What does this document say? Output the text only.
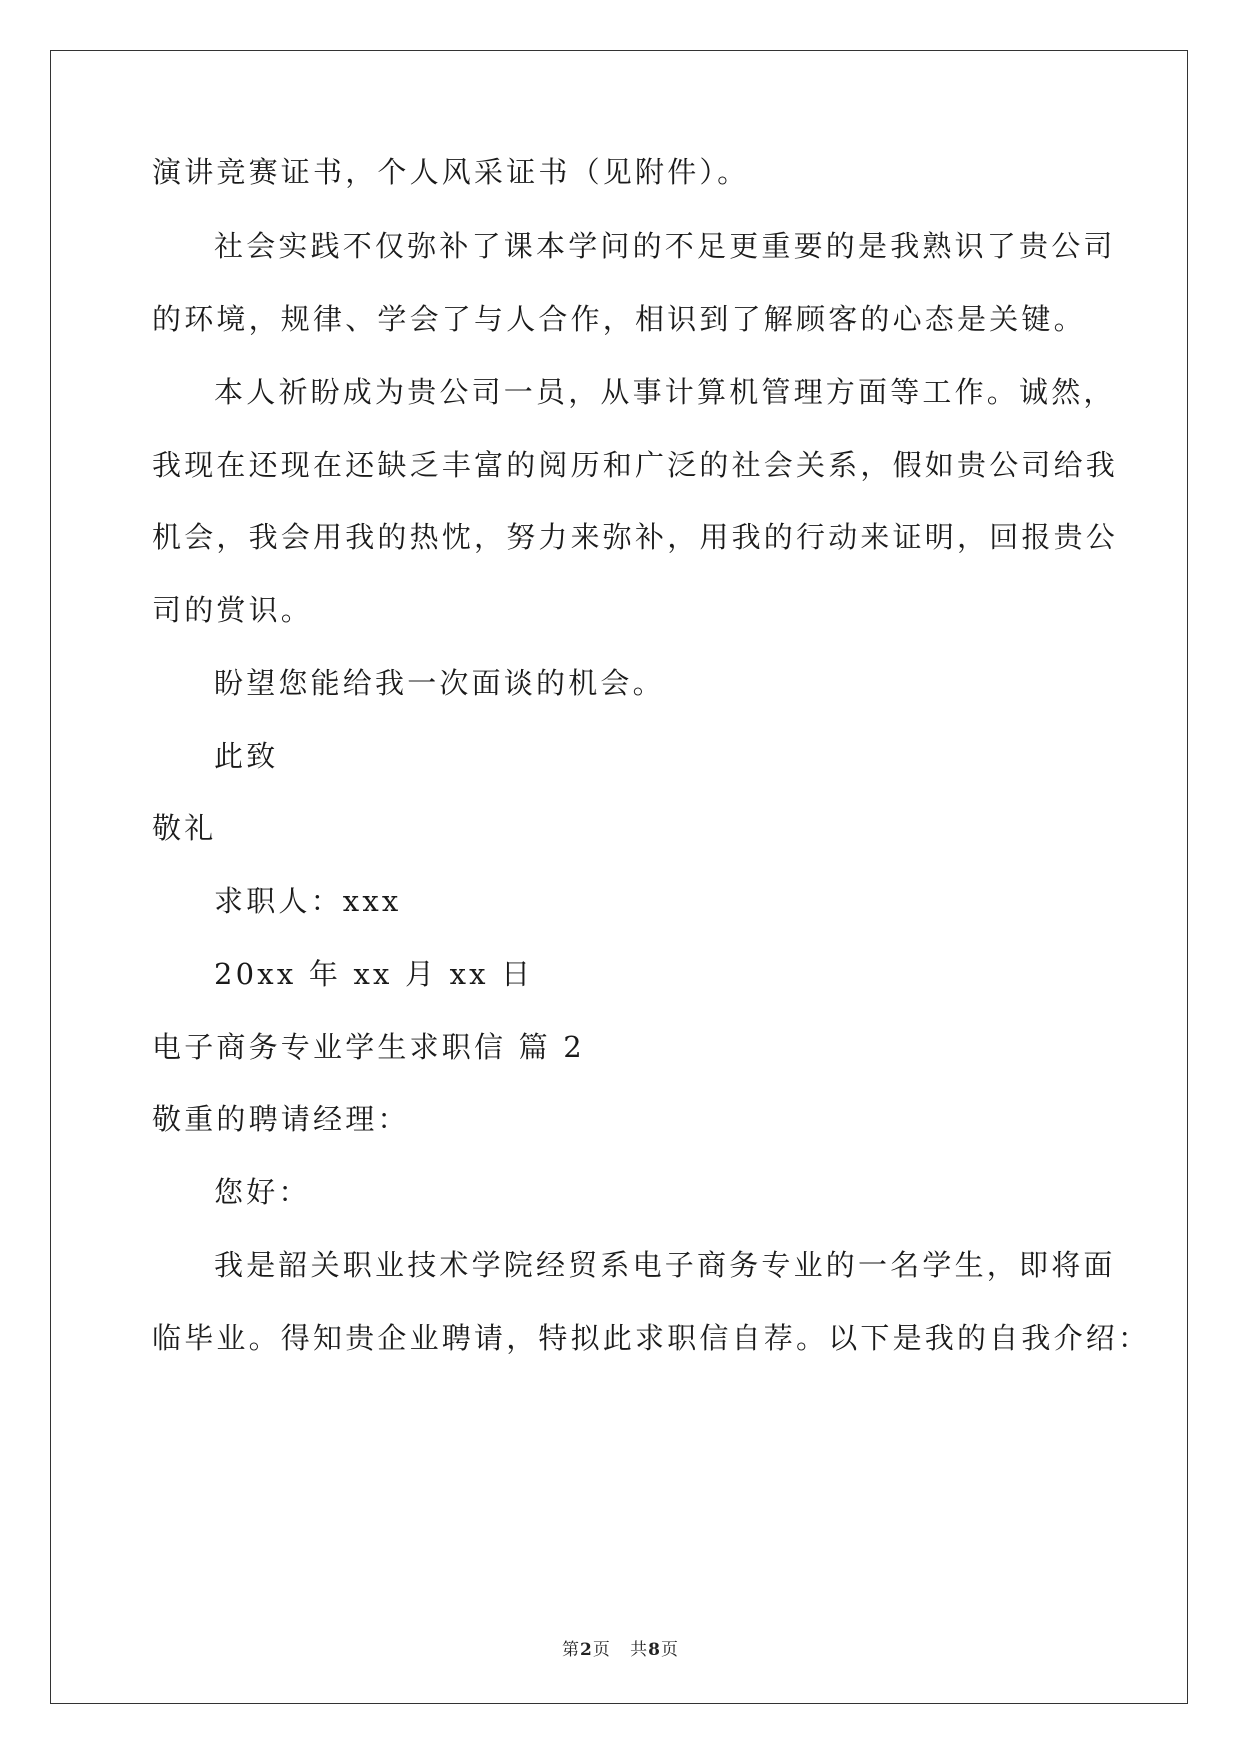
演讲竞赛证书，个人风采证书（见附件）。
社会实践不仅弥补了课本学问的不足更重要的是我熟识了贵公司
的环境，规律、学会了与人合作，相识到了解顾客的心态是关键。
本人祈盼成为贵公司一员，从事计算机管理方面等工作。诚然，
我现在还现在还缺乏丰富的阅历和广泛的社会关系，假如贵公司给我
机会，我会用我的热忱，努力来弥补，用我的行动来证明，回报贵公
司的赏识。
盼望您能给我一次面谈的机会。
此致
敬礼
求职人：xxx
20xx 年 xx 月 xx 日
电子商务专业学生求职信 篇 2
敬重的聘请经理：
您好：
我是韶关职业技术学院经贸系电子商务专业的一名学生，即将面
临毕业。得知贵企业聘请，特拟此求职信自荐。以下是我的自我介绍：
第2页 共8页
